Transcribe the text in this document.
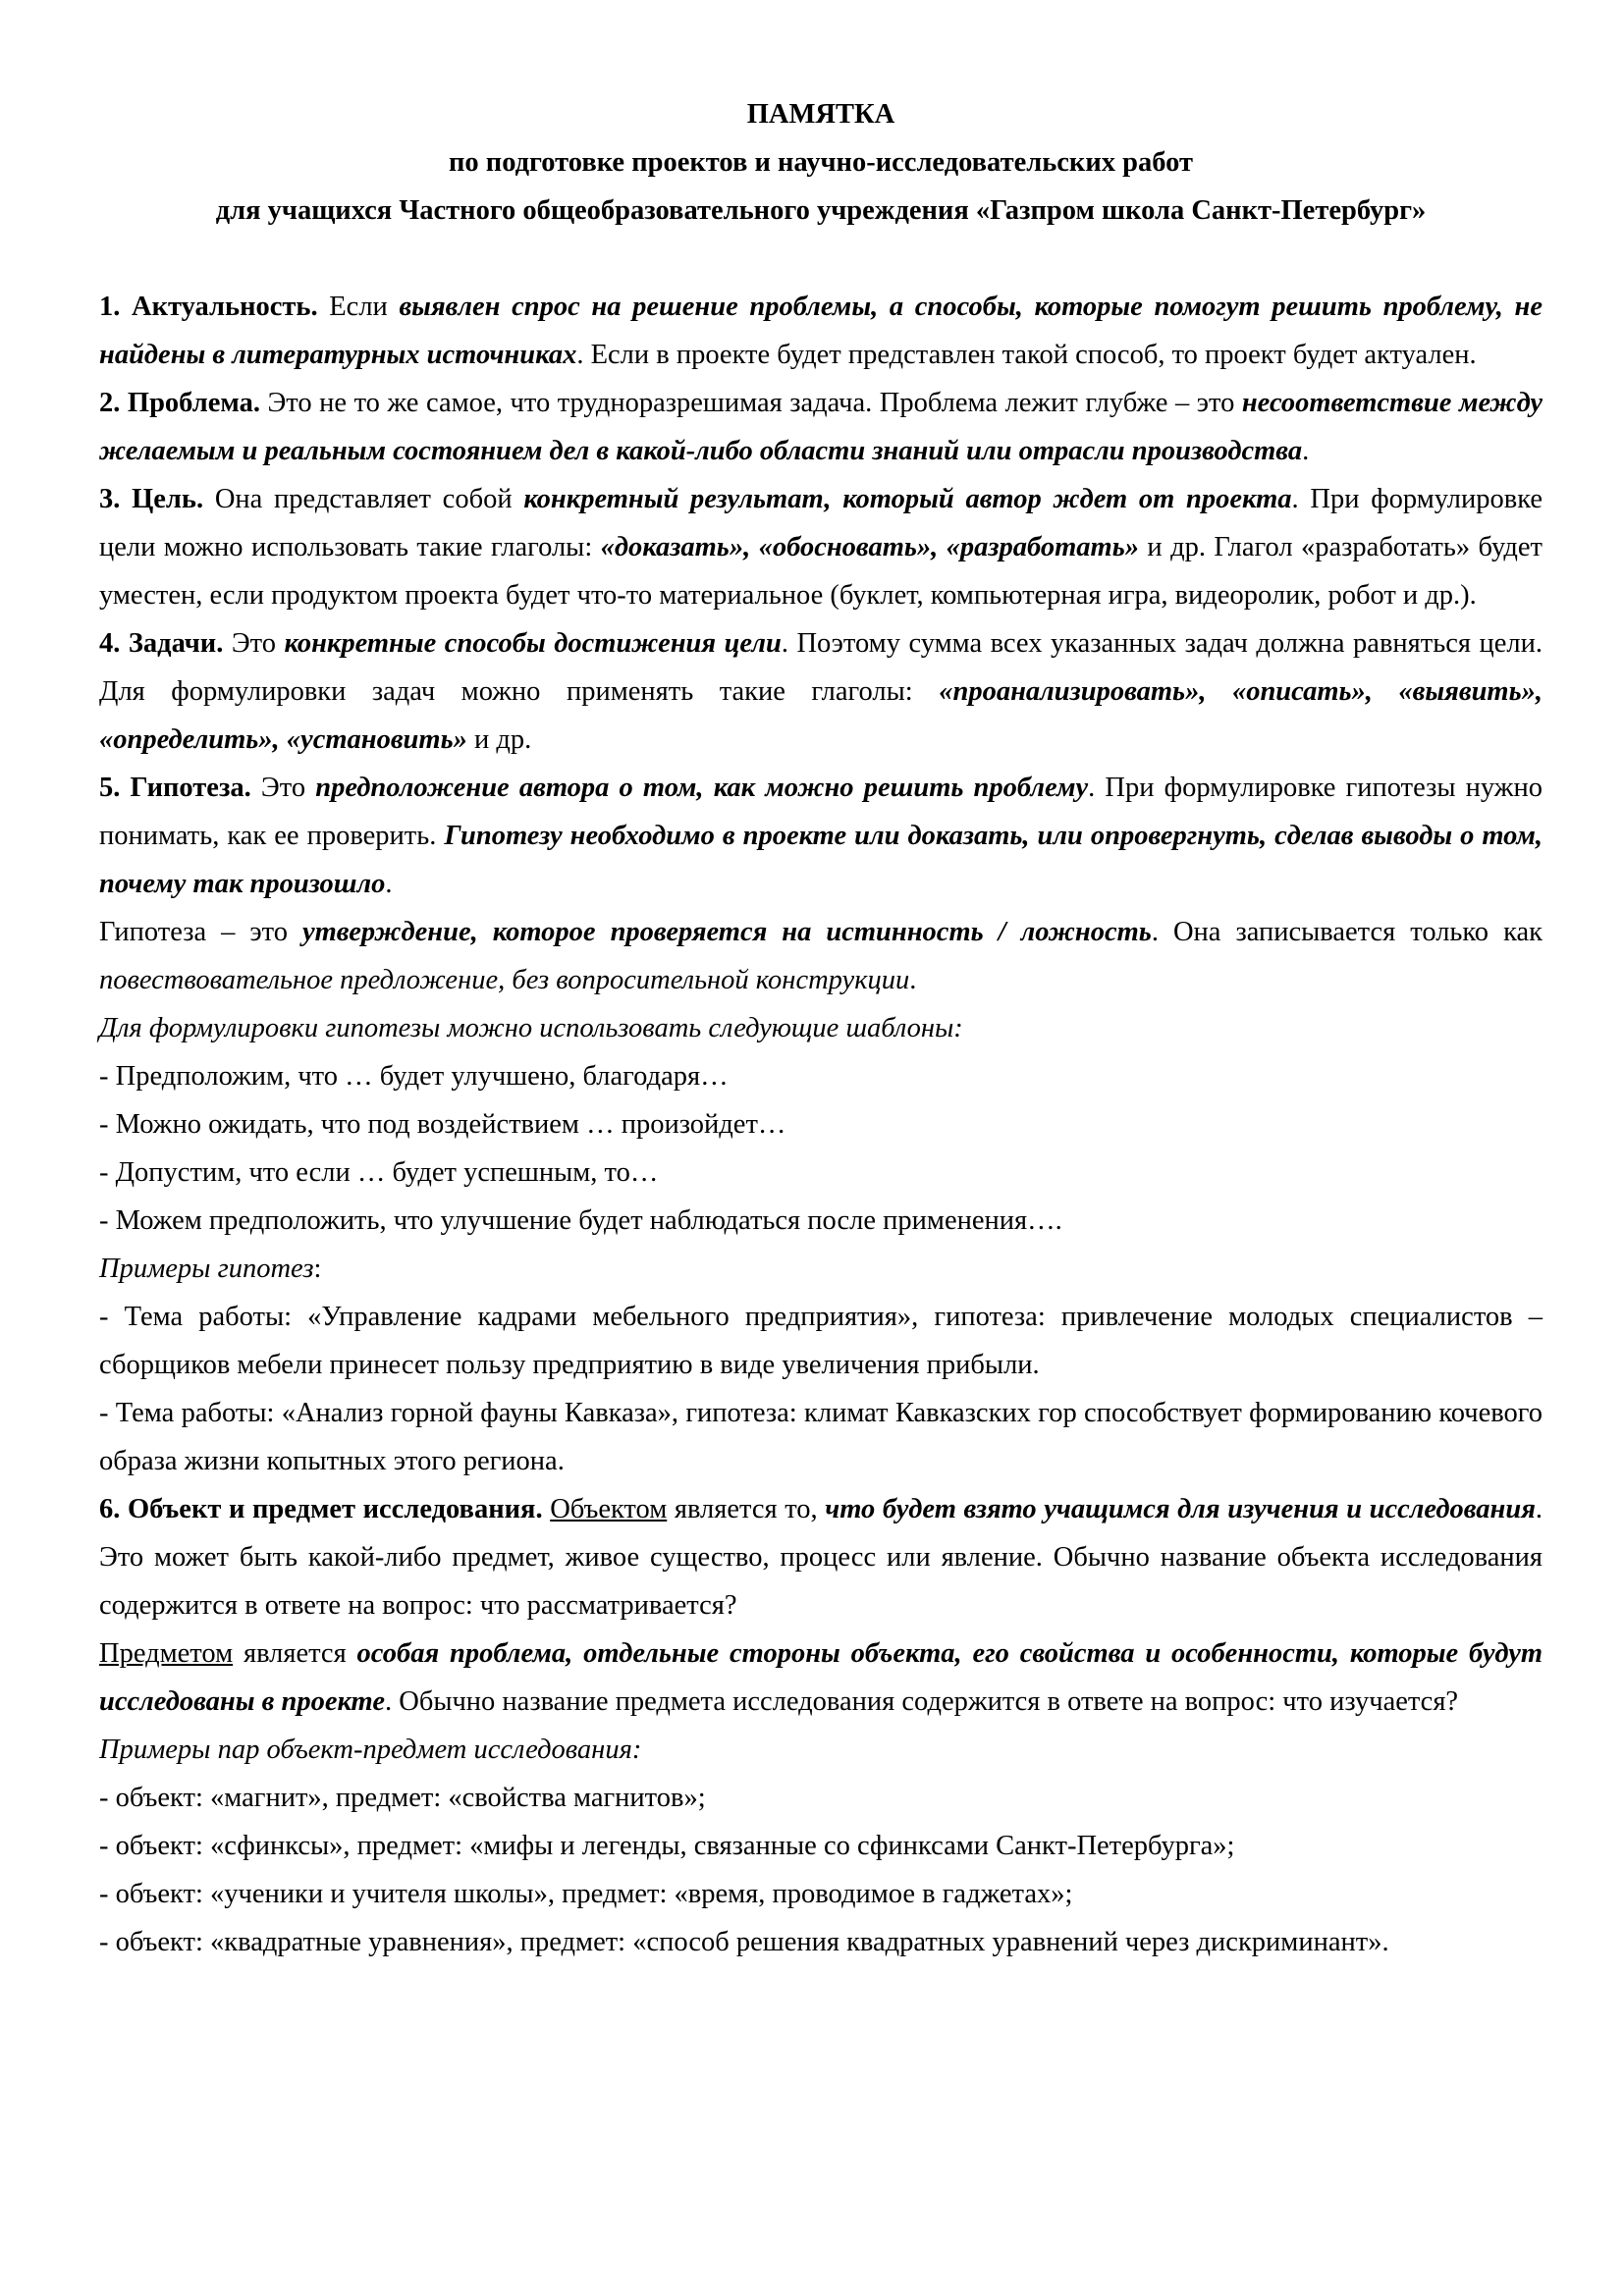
ПАМЯТКА

по подготовке проектов и научно-исследовательских работ

для учащихся Частного общеобразовательного учреждения «Газпром школа Санкт-Петербург»

1. Актуальность. Если выявлен спрос на решение проблемы, а способы, которые помогут решить проблему, не найдены в литературных источниках. Если в проекте будет представлен такой способ, то проект будет актуален.

2. Проблема. Это не то же самое, что трудноразрешимая задача. Проблема лежит глубже – это несоответствие между желаемым и реальным состоянием дел в какой-либо области знаний или отрасли производства.

3. Цель. Она представляет собой конкретный результат, который автор ждет от проекта. При формулировке цели можно использовать такие глаголы: «доказать», «обосновать», «разработать» и др. Глагол «разработать» будет уместен, если продуктом проекта будет что-то материальное (буклет, компьютерная игра, видеоролик, робот и др.).

4. Задачи. Это конкретные способы достижения цели. Поэтому сумма всех указанных задач должна равняться цели. Для формулировки задач можно применять такие глаголы: «проанализировать», «описать», «выявить», «определить», «установить» и др.

5. Гипотеза. Это предположение автора о том, как можно решить проблему. При формулировке гипотезы нужно понимать, как ее проверить. Гипотезу необходимо в проекте или доказать, или опровергнуть, сделав выводы о том, почему так произошло.

Гипотеза – это утверждение, которое проверяется на истинность / ложность. Она записывается только как повествовательное предложение, без вопросительной конструкции.

Для формулировки гипотезы можно использовать следующие шаблоны:

- Предположим, что … будет улучшено, благодаря…

- Можно ожидать, что под воздействием … произойдет…

- Допустим, что если … будет успешным, то…

- Можем предположить, что улучшение будет наблюдаться после применения….

Примеры гипотез:

- Тема работы: «Управление кадрами мебельного предприятия», гипотеза: привлечение молодых специалистов – сборщиков мебели принесет пользу предприятию в виде увеличения прибыли.

- Тема работы: «Анализ горной фауны Кавказа», гипотеза: климат Кавказских гор способствует формированию кочевого образа жизни копытных этого региона.

6. Объект и предмет исследования. Объектом является то, что будет взято учащимся для изучения и исследования. Это может быть какой-либо предмет, живое существо, процесс или явление. Обычно название объекта исследования содержится в ответе на вопрос: что рассматривается?

Предметом является особая проблема, отдельные стороны объекта, его свойства и особенности, которые будут исследованы в проекте. Обычно название предмета исследования содержится в ответе на вопрос: что изучается?

Примеры пар объект-предмет исследования:

- объект: «магнит», предмет: «свойства магнитов»;

- объект: «сфинксы», предмет: «мифы и легенды, связанные со сфинксами Санкт-Петербурга»;

- объект: «ученики и учителя школы», предмет: «время, проводимое в гаджетах»;

- объект: «квадратные уравнения», предмет: «способ решения квадратных уравнений через дискриминант».
